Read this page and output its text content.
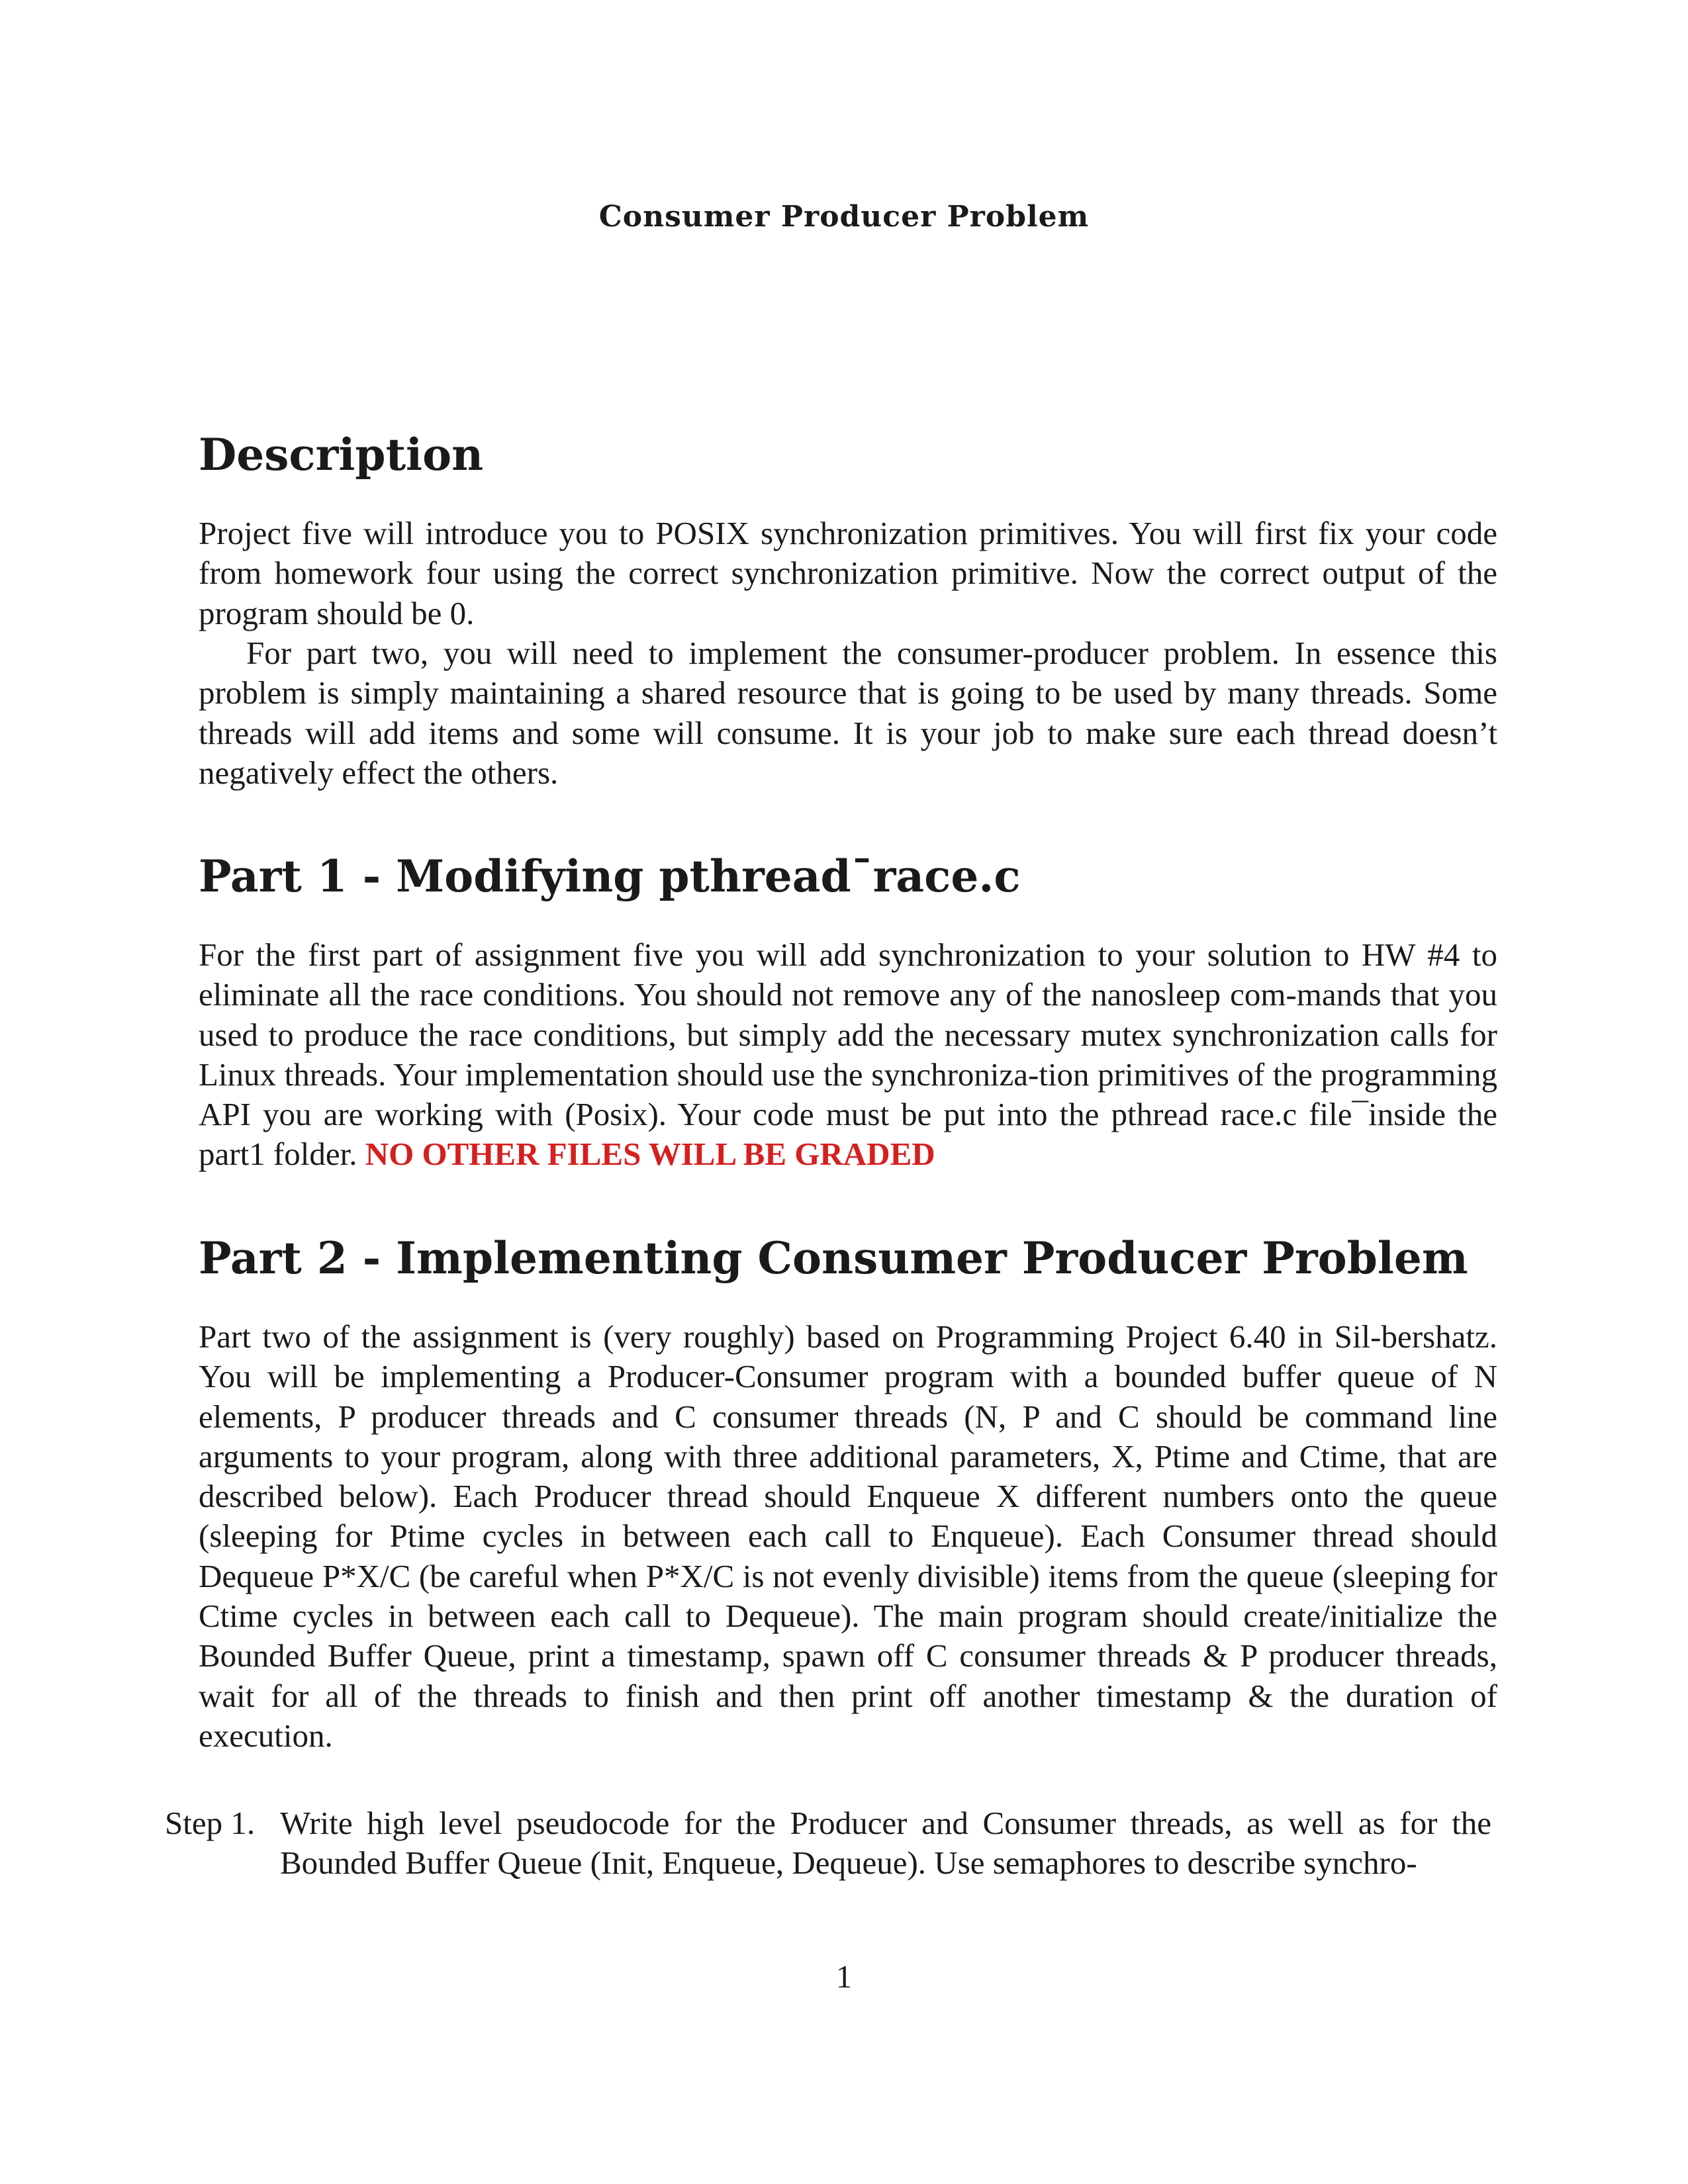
Consumer Producer Problem
Description
Project five will introduce you to POSIX synchronization primitives. You will first fix your code from homework four using the correct synchronization primitive. Now the correct output of the program should be 0.
For part two, you will need to implement the consumer-producer problem. In essence this problem is simply maintaining a shared resource that is going to be used by many threads. Some threads will add items and some will consume. It is your job to make sure each thread doesn’t negatively effect the others.
Part 1 - Modifying pthread¯race.c
For the first part of assignment five you will add synchronization to your solution to HW #4 to eliminate all the race conditions. You should not remove any of the nanosleep com-mands that you used to produce the race conditions, but simply add the necessary mutex synchronization calls for Linux threads. Your implementation should use the synchroniza-tion primitives of the programming API you are working with (Posix). Your code must be put into the pthread race.c file¯inside the part1 folder. NO OTHER FILES WILL BE GRADED
Part 2 - Implementing Consumer Producer Problem
Part two of the assignment is (very roughly) based on Programming Project 6.40 in Sil-bershatz. You will be implementing a Producer-Consumer program with a bounded buffer queue of N elements, P producer threads and C consumer threads (N, P and C should be command line arguments to your program, along with three additional parameters, X, Ptime and Ctime, that are described below). Each Producer thread should Enqueue X different numbers onto the queue (sleeping for Ptime cycles in between each call to Enqueue). Each Consumer thread should Dequeue P*X/C (be careful when P*X/C is not evenly divisible) items from the queue (sleeping for Ctime cycles in between each call to Dequeue). The main program should create/initialize the Bounded Buffer Queue, print a timestamp, spawn off C consumer threads & P producer threads, wait for all of the threads to finish and then print off another timestamp & the duration of execution.
Step 1. Write high level pseudocode for the Producer and Consumer threads, as well as for the Bounded Buffer Queue (Init, Enqueue, Dequeue). Use semaphores to describe synchro-
1
